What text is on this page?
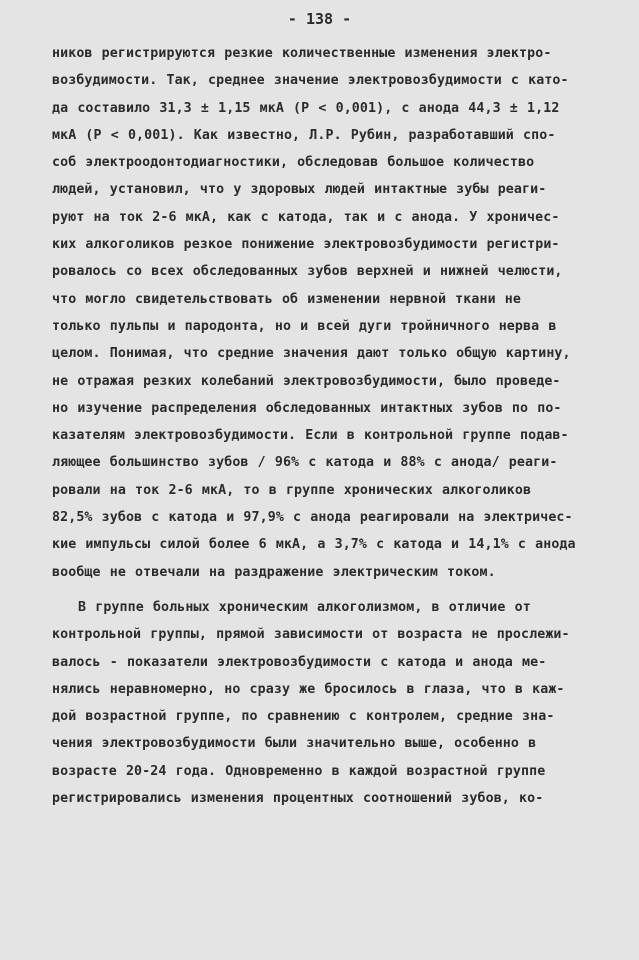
- 138 -

ников регистрируются резкие количественные изменения электро-
возбудимости. Так, среднее значение электровозбудимости с като-
да составило 31,3 ± 1,15 мкА (Р < 0,001), с анода 44,3 ± 1,12
мкА (Р < 0,001). Как известно, Л.Р. Рубин, разработавший спо-
соб электроодонтодиагностики, обследовав большое количество
людей, установил, что у здоровых людей интактные зубы реаги-
руют на ток 2-6 мкА, как с катода, так и с анода. У хроничес-
ких алкоголиков резкое понижение электровозбудимости регистри-
ровалось со всех обследованных зубов верхней и нижней челюсти,
что могло свидетельствовать об изменении нервной ткани не
только пульпы и пародонта, но и всей дуги тройничного нерва в
целом. Понимая, что средние значения дают только общую картину,
не отражая резких колебаний электровозбудимости, было проведе-
но изучение распределения обследованных интактных зубов по по-
казателям электровозбудимости. Если в контрольной группе подав-
ляющее большинство зубов / 96% с катода и 88% с анода/ реаги-
ровали на ток 2-6 мкА, то в группе хронических алкоголиков
82,5% зубов с катода и 97,9% с анода реагировали на электричес-
кие импульсы силой более 6 мкА, а 3,7% с катода и 14,1% с анода
вообще не отвечали на раздражение электрическим током.

В группе больных хроническим алкоголизмом, в отличие от
контрольной группы, прямой зависимости от возраста не прослежи-
валось - показатели электровозбудимости с катода и анода ме-
нялись неравномерно, но сразу же бросилось в глаза, что в каж-
дой возрастной группе, по сравнению с контролем, средние зна-
чения электровозбудимости были значительно выше, особенно в
возрасте 20-24 года. Одновременно в каждой возрастной группе
регистрировались изменения процентных соотношений зубов, ко-
